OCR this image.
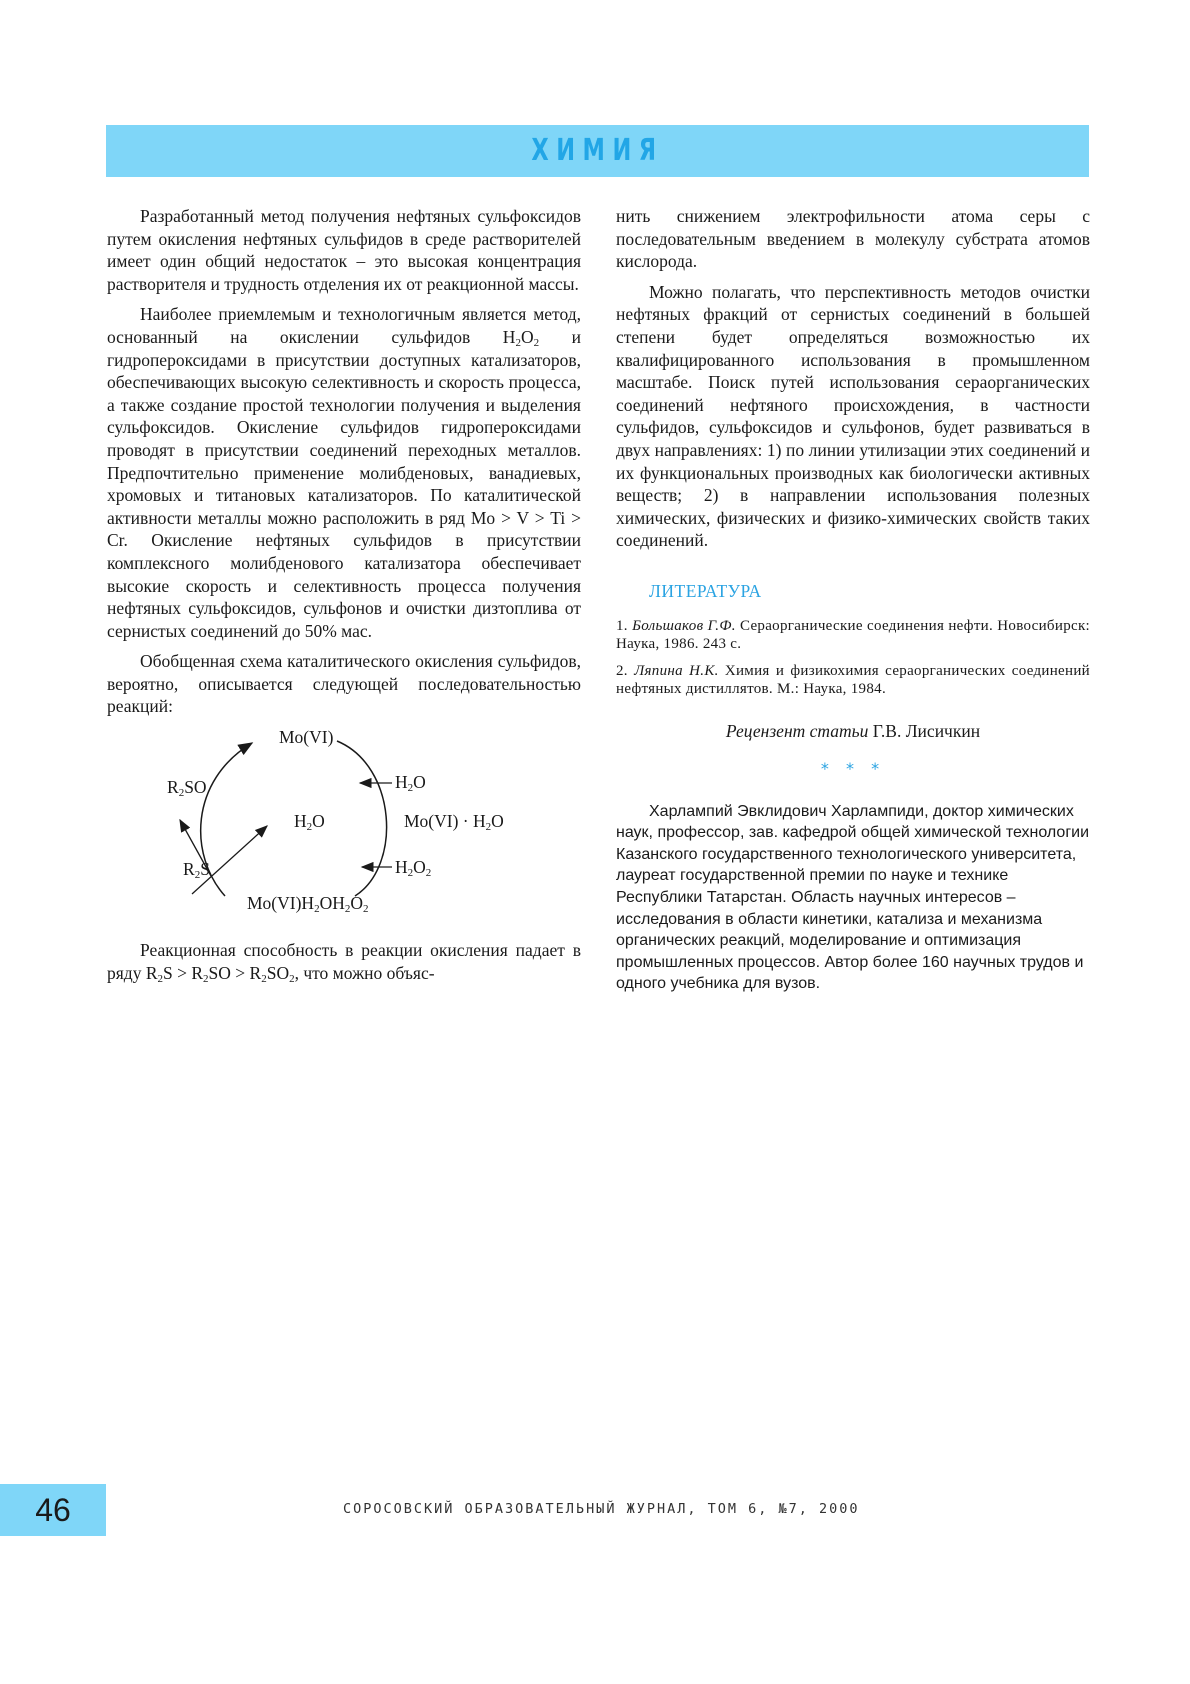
ХИМИЯ

Разработанный метод получения нефтяных сульфоксидов путем окисления нефтяных сульфидов в среде растворителей имеет один общий недостаток – это высокая концентрация растворителя и трудность отделения их от реакционной массы.

Наиболее приемлемым и технологичным является метод, основанный на окислении сульфидов $H_2O_2$ и гидропероксидами в присутствии доступных катализаторов, обеспечивающих высокую селективность и скорость процесса, а также создание простой технологии получения и выделения сульфоксидов. Окисление сульфидов гидропероксидами проводят в присутствии соединений переходных металлов. Предпочтительно применение молибденовых, ванадиевых, хромовых и титановых катализаторов. По каталитической активности металлы можно расположить в ряд Mo > V > Ti > Cr. Окисление нефтяных сульфидов в присутствии комплексного молибденового катализатора обеспечивает высокие скорость и селективность процесса получения нефтяных сульфоксидов, сульфонов и очистки дизтоплива от сернистых соединений до 50% мас.

Обобщенная схема каталитического окисления сульфидов, вероятно, описывается следующей последовательностью реакций:

Mo(VI)
$H_2O$
$R_2SO$
$H_2O$	$Mo(VI) \cdot H_2O$
$H_2O_2$
$R_2S$
$Mo(VI)H_2OH_2O_2$

Реакционная способность в реакции окисления падает в ряду $R_2S > R_2SO > R_2SO_2$, что можно объяс-

нить снижением электрофильности атома серы с последовательным введением в молекулу субстрата атомов кислорода.

Можно полагать, что перспективность методов очистки нефтяных фракций от сернистых соединений в большей степени будет определяться возможностью их квалифицированного использования в промышленном масштабе. Поиск путей использования сераорганических соединений нефтяного происхождения, в частности сульфидов, сульфоксидов и сульфонов, будет развиваться в двух направлениях: 1) по линии утилизации этих соединений и их функциональных производных как биологически активных веществ; 2) в направлении использования полезных химических, физических и физико-химических свойств таких соединений.

ЛИТЕРАТУРА

1. Большаков Г.Ф. Сераорганические соединения нефти. Новосибирск: Наука, 1986. 243 с.

2. Ляпина Н.К. Химия и физикохимия сераорганических соединений нефтяных дистиллятов. М.: Наука, 1984.

Рецензент статьи Г.В. Лисичкин
* * *

Харлампий Эвклидович Харлампиди, доктор химических наук, профессор, зав. кафедрой общей химической технологии Казанского государственного технологического университета, лауреат государственной премии по науке и технике Республики Татарстан. Область научных интересов – исследования в области кинетики, катализа и механизма органических реакций, моделирование и оптимизация промышленных процессов. Автор более 160 научных трудов и одного учебника для вузов.

46	СОРОСОВСКИЙ ОБРАЗОВАТЕЛЬНЫЙ ЖУРНАЛ, ТОМ 6, №7, 2000
